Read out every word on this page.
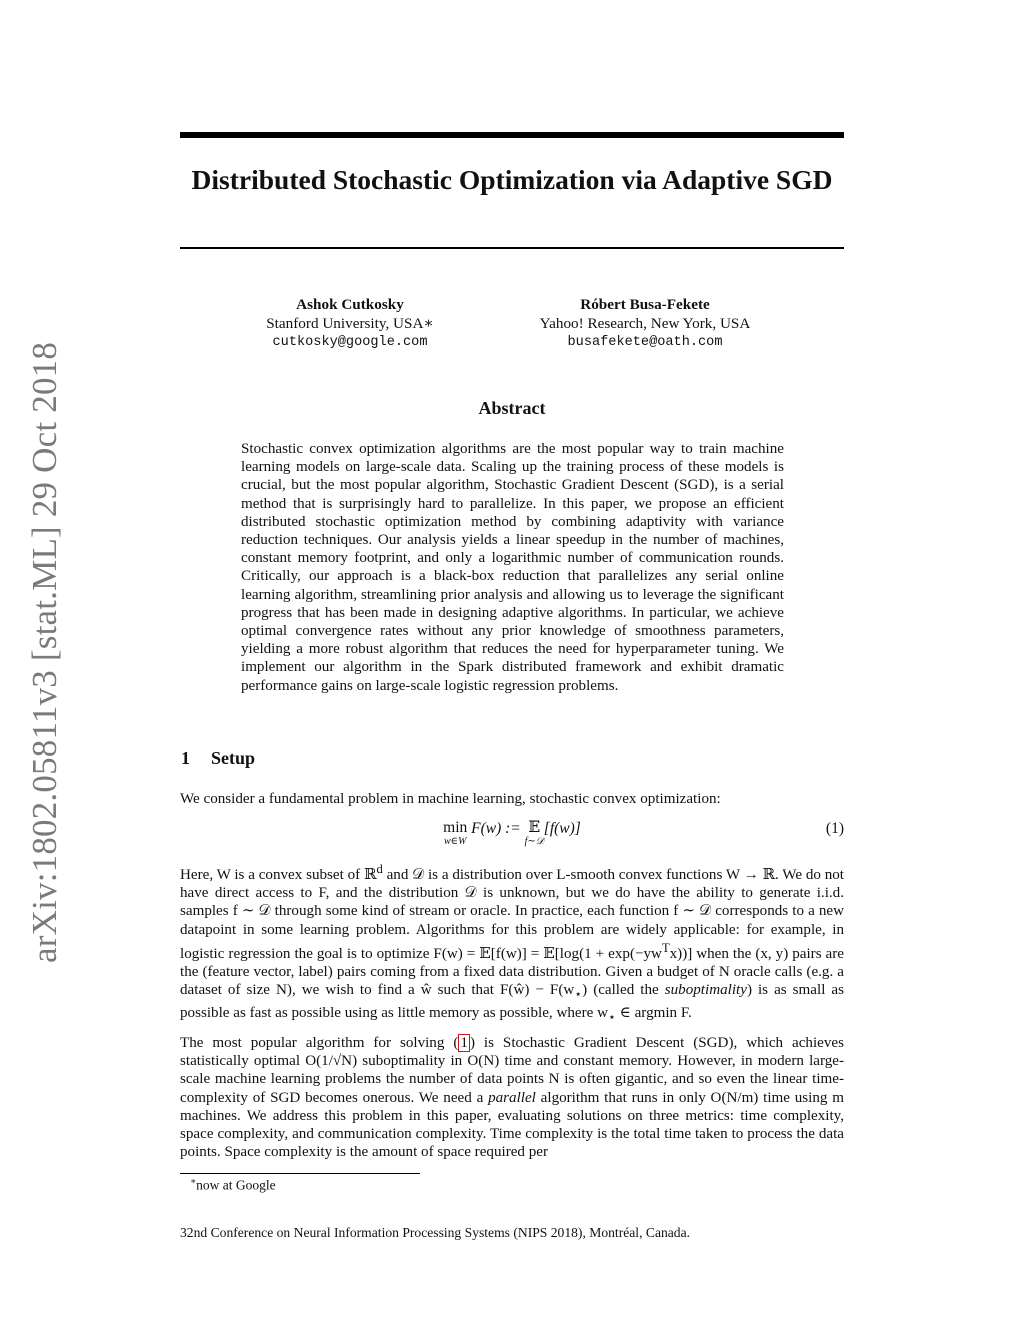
arXiv:1802.05811v3 [stat.ML] 29 Oct 2018
Distributed Stochastic Optimization via Adaptive SGD
Ashok Cutkosky
Stanford University, USA∗
cutkosky@google.com
Róbert Busa-Fekete
Yahoo! Research, New York, USA
busafekete@oath.com
Abstract

Stochastic convex optimization algorithms are the most popular way to train machine learning models on large-scale data. Scaling up the training process of these models is crucial, but the most popular algorithm, Stochastic Gradient Descent (SGD), is a serial method that is surprisingly hard to parallelize. In this paper, we propose an efficient distributed stochastic optimization method by combining adaptivity with variance reduction techniques. Our analysis yields a linear speedup in the number of machines, constant memory footprint, and only a logarithmic number of communication rounds. Critically, our approach is a black-box reduction that parallelizes any serial online learning algorithm, streamlining prior analysis and allowing us to leverage the significant progress that has been made in designing adaptive algorithms. In particular, we achieve optimal convergence rates without any prior knowledge of smoothness parameters, yielding a more robust algorithm that reduces the need for hyperparameter tuning. We implement our algorithm in the Spark distributed framework and exhibit dramatic performance gains on large-scale logistic regression problems.

1 Setup

We consider a fundamental problem in machine learning, stochastic convex optimization:

min
w∈W
F(w) := 𝔼
f∼𝒟
[f(w)]	(1)

Here, W is a convex subset of ℝ$^d$ and 𝒟 is a distribution over L-smooth convex functions W → ℝ. We do not have direct access to F, and the distribution 𝒟 is unknown, but we do have the ability to generate i.i.d. samples f ∼ 𝒟 through some kind of stream or oracle. In practice, each function f ∼ 𝒟 corresponds to a new datapoint in some learning problem. Algorithms for this problem are widely applicable: for example, in logistic regression the goal is to optimize F(w) = 𝔼[f(w)] = 𝔼[log(1 + $\exp(-yw^Tx)$)] when the (x, y) pairs are the (feature vector, label) pairs coming from a fixed data distribution. Given a budget of N oracle calls (e.g. a dataset of size N), we wish to find a ŵ such that F(ŵ) − $F(w_⋆)$ (called the suboptimality) is as small as possible as fast as possible using as little memory as possible, where $w_⋆$ ∈ argmin F.

The most popular algorithm for solving ( 1 ) is Stochastic Gradient Descent (SGD), which achieves statistically optimal O(1/√N) suboptimality in O(N) time and constant memory. However, in modern large-scale machine learning problems the number of data points N is often gigantic, and so even the linear time-complexity of SGD becomes onerous. We need a parallel algorithm that runs in only O(N/m) time using m machines. We address this problem in this paper, evaluating solutions on three metrics: time complexity, space complexity, and communication complexity. Time complexity is the total time taken to process the data points. Space complexity is the amount of space required per

∗now at Google

32nd Conference on Neural Information Processing Systems (NIPS 2018), Montréal, Canada.
